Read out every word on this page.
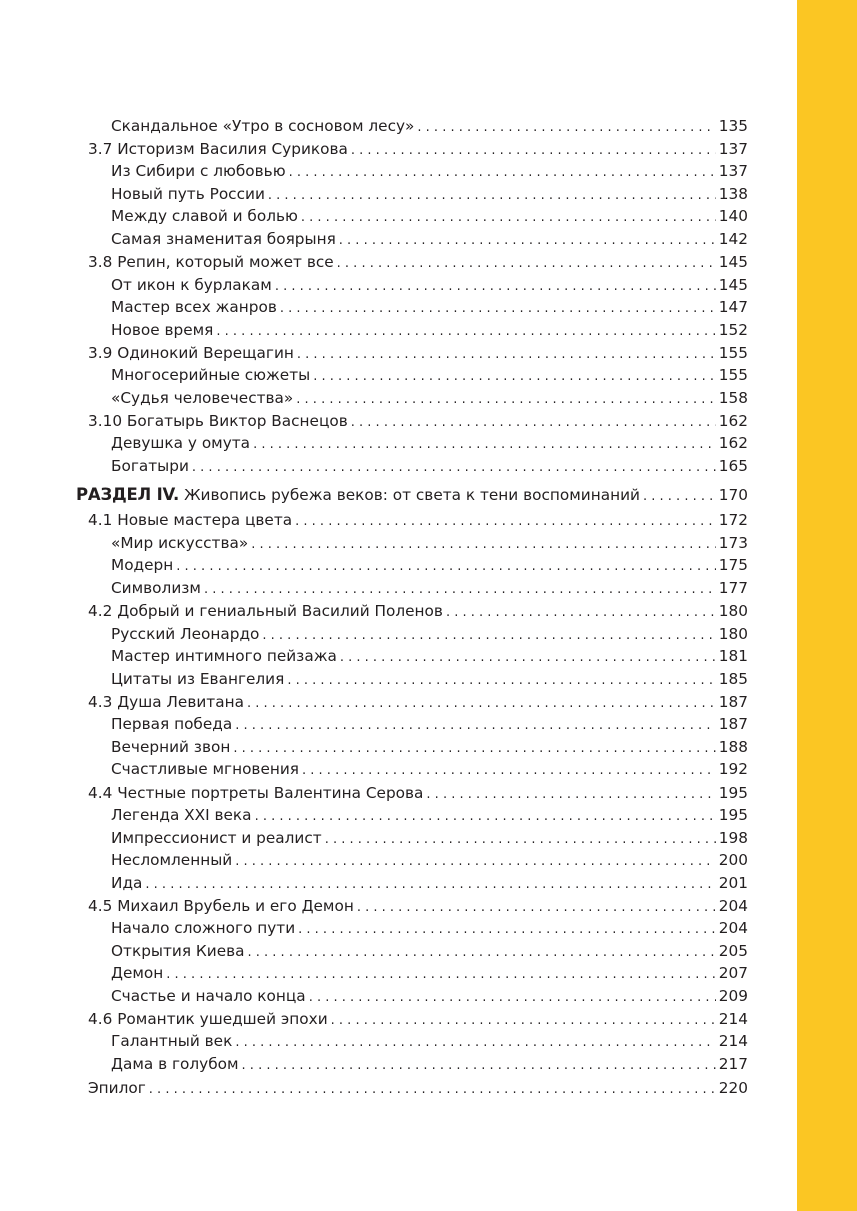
Скандальное «Утро в сосновом лесу» . . .	135
3.7 Историзм Василия Сурикова . . .	137
Из Сибири с любовью . . .	137
Новый путь России . . .	138
Между славой и болью . . .	140
Самая знаменитая боярыня . . .	142
3.8 Репин, который может все . . .	145
От икон к бурлакам . . .	145
Мастер всех жанров . . .	147
Новое время . . .	152
3.9 Одинокий Верещагин . . .	155
Многосерийные сюжеты . . .	155
«Судья человечества» . . .	158
3.10 Богатырь Виктор Васнецов . . .	162
Девушка у омута . . .	162
Богатыри . . .	165
РАЗДЕЛ IV. Живопись рубежа веков: от света к тени воспоминаний . . .	170
4.1 Новые мастера цвета . . .	172
«Мир искусства» . . .	173
Модерн . . .	175
Символизм . . .	177
4.2 Добрый и гениальный Василий Поленов . . .	180
Русский Леонардо . . .	180
Мастер интимного пейзажа . . .	181
Цитаты из Евангелия . . .	185
4.3 Душа Левитана . . .	187
Первая победа . . .	187
Вечерний звон . . .	188
Счастливые мгновения . . .	192
4.4 Честные портреты Валентина Серова . . .	195
Легенда XXI века . . .	195
Импрессионист и реалист . . .	198
Несломленный . . .	200
Ида . . .	201
4.5 Михаил Врубель и его Демон . . .	204
Начало сложного пути . . .	204
Открытия Киева . . .	205
Демон . . .	207
Счастье и начало конца . . .	209
4.6 Романтик ушедшей эпохи . . .	214
Галантный век . . .	214
Дама в голубом . . .	217
Эпилог . . .	220
